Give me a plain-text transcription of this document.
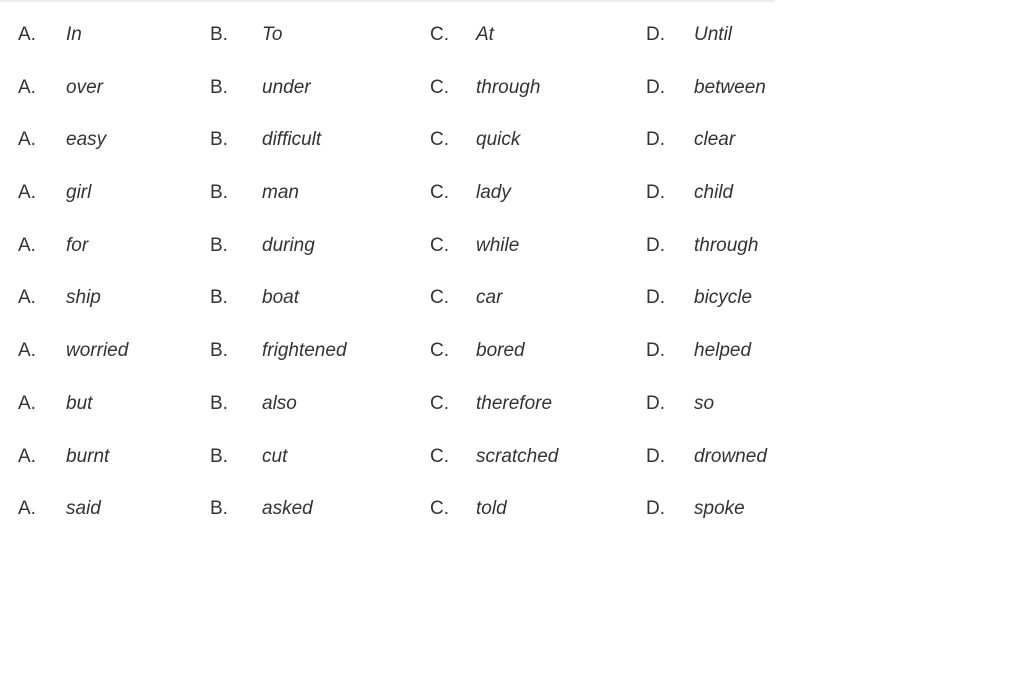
A. In	B. To	C. At	D. Until
A. over	B. under	C. through	D. between
A. easy	B. difficult	C. quick	D. clear
A. girl	B. man	C. lady	D. child
A. for	B. during	C. while	D. through
A. ship	B. boat	C. car	D. bicycle
A. worried	B. frightened	C. bored	D. helped
A. but	B. also	C. therefore	D. so
A. burnt	B. cut	C. scratched	D. drowned
A. said	B. asked	C. told	D. spoke
